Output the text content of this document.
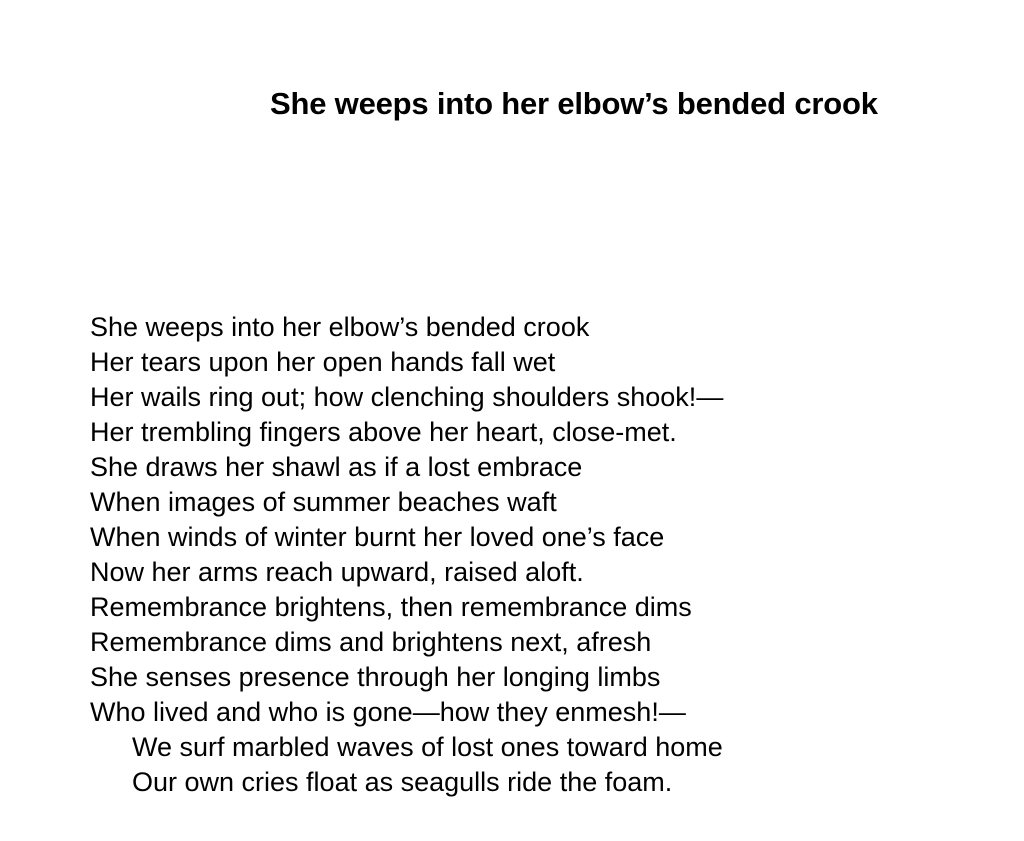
She weeps into her elbow’s bended crook
She weeps into her elbow’s bended crook
Her tears upon her open hands fall wet
Her wails ring out; how clenching shoulders shook!—
Her trembling fingers above her heart, close-met.
She draws her shawl as if a lost embrace
When images of summer beaches waft
When winds of winter burnt her loved one’s face
Now her arms reach upward, raised aloft.
Remembrance brightens, then remembrance dims
Remembrance dims and brightens next, afresh
She senses presence through her longing limbs
Who lived and who is gone—how they enmesh!—
We surf marbled waves of lost ones toward home
Our own cries float as seagulls ride the foam.
